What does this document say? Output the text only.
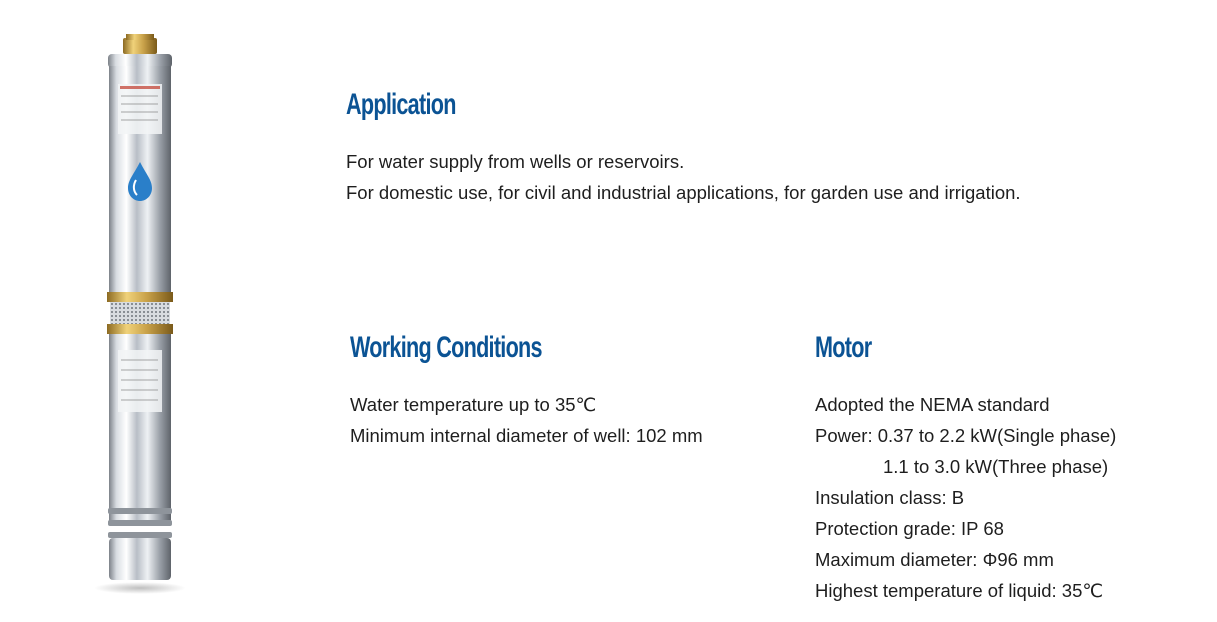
Application
For water supply from wells or reservoirs.
For domestic use, for civil and industrial applications, for garden use and irrigation.
Working Conditions
Water temperature up to 35℃
Minimum internal diameter of well: 102 mm
Motor
Adopted the NEMA standard
Power: 0.37 to 2.2 kW(Single phase)
1.1 to 3.0 kW(Three phase)
Insulation class: B
Protection grade: IP 68
Maximum diameter: Φ96 mm
Highest temperature of liquid: 35℃
